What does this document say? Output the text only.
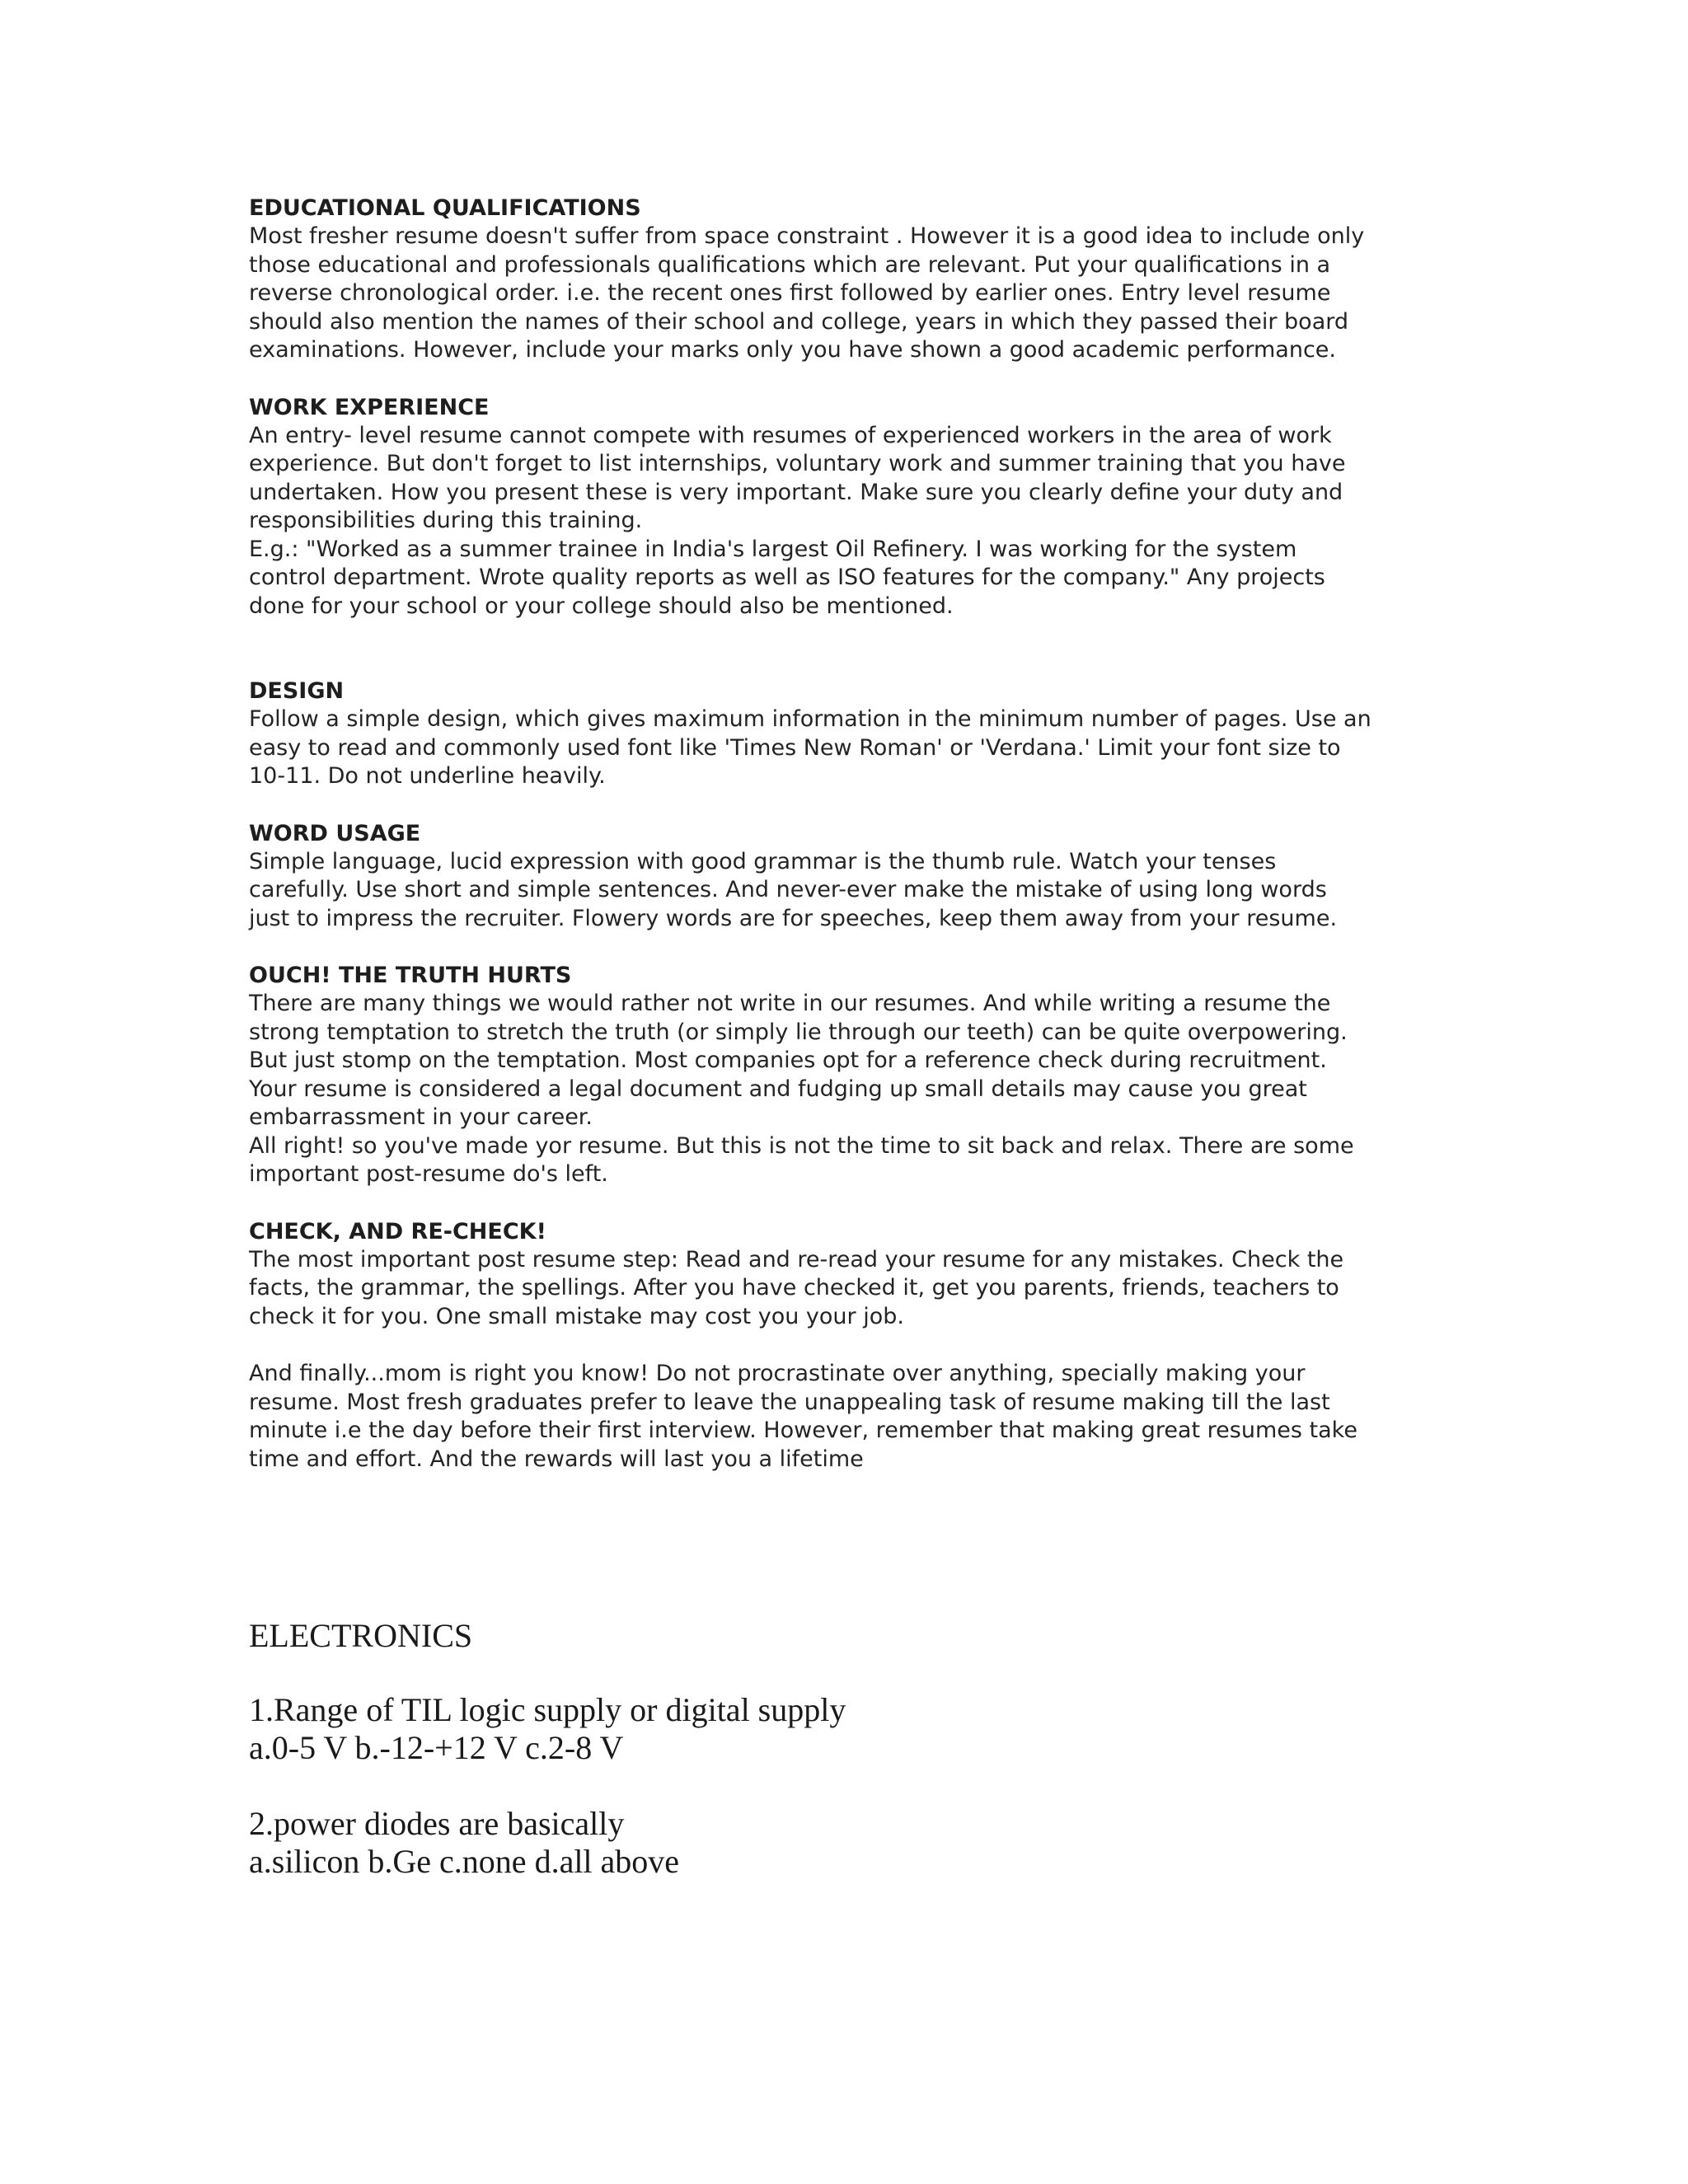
EDUCATIONAL QUALIFICATIONS

Most fresher resume doesn't suffer from space constraint . However it is a good idea to include only
those educational and professionals qualifications which are relevant. Put your qualifications in a
reverse chronological order. i.e. the recent ones first followed by earlier ones. Entry level resume
should also mention the names of their school and college, years in which they passed their board
examinations. However, include your marks only you have shown a good academic performance.

WORK EXPERIENCE

An entry- level resume cannot compete with resumes of experienced workers in the area of work
experience. But don't forget to list internships, voluntary work and summer training that you have
undertaken. How you present these is very important. Make sure you clearly define your duty and
responsibilities during this training.
E.g.: "Worked as a summer trainee in India's largest Oil Refinery. I was working for the system
control department. Wrote quality reports as well as ISO features for the company." Any projects
done for your school or your college should also be mentioned.

DESIGN

Follow a simple design, which gives maximum information in the minimum number of pages. Use an
easy to read and commonly used font like 'Times New Roman' or 'Verdana.' Limit your font size to
10-11. Do not underline heavily.

WORD USAGE

Simple language, lucid expression with good grammar is the thumb rule. Watch your tenses
carefully. Use short and simple sentences. And never-ever make the mistake of using long words
just to impress the recruiter. Flowery words are for speeches, keep them away from your resume.

OUCH! THE TRUTH HURTS

There are many things we would rather not write in our resumes. And while writing a resume the
strong temptation to stretch the truth (or simply lie through our teeth) can be quite overpowering.
But just stomp on the temptation. Most companies opt for a reference check during recruitment.
Your resume is considered a legal document and fudging up small details may cause you great
embarrassment in your career.
All right! so you've made yor resume. But this is not the time to sit back and relax. There are some
important post-resume do's left.

CHECK, AND RE-CHECK!

The most important post resume step: Read and re-read your resume for any mistakes. Check the
facts, the grammar, the spellings. After you have checked it, get you parents, friends, teachers to
check it for you. One small mistake may cost you your job.

And finally...mom is right you know! Do not procrastinate over anything, specially making your
resume. Most fresh graduates prefer to leave the unappealing task of resume making till the last
minute i.e the day before their first interview. However, remember that making great resumes take
time and effort. And the rewards will last you a lifetime

ELECTRONICS

1.Range of TIL logic supply or digital supply

a.0-5 V b.-12-+12 V c.2-8 V

2.power diodes are basically

a.silicon b.Ge c.none d.all above
